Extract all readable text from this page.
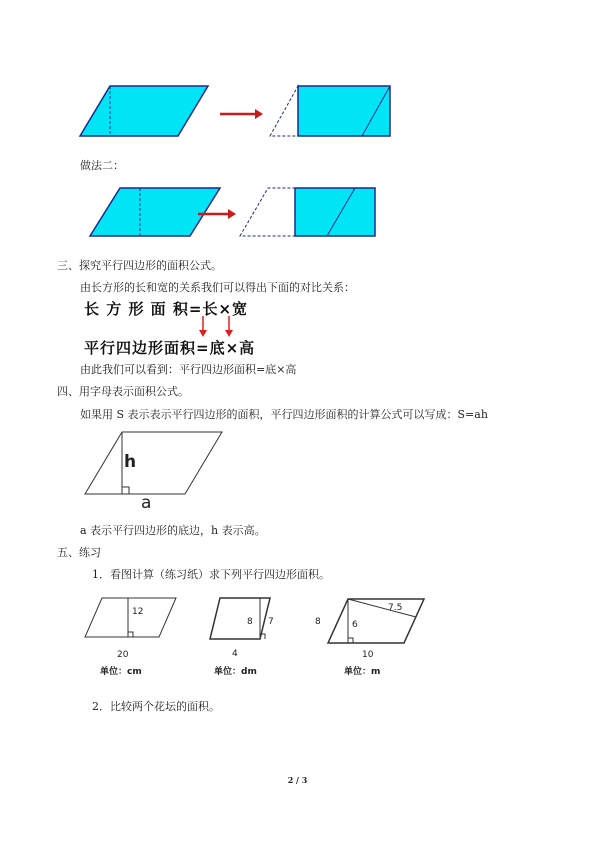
做法二：
三、探究平行四边形的面积公式。
由长方形的长和宽的关系我们可以得出下面的对比关系：
长 方 形 面 积=长×宽
平行四边形面积=底×高
由此我们可以看到：平行四边形面积=底×高
四、用字母表示面积公式。
如果用 S 表示表示平行四边形的面积，平行四边形面积的计算公式可以写成：S=ah
h
a
a 表示平行四边形的底边，h 表示高。
五、练习
1．看图计算（练习纸）求下列平行四边形面积。
12
20
单位：cm
8 7
4
单位：dm
8	6
7.5
10
单位：m
2．比较两个花坛的面积。
2 / 3
